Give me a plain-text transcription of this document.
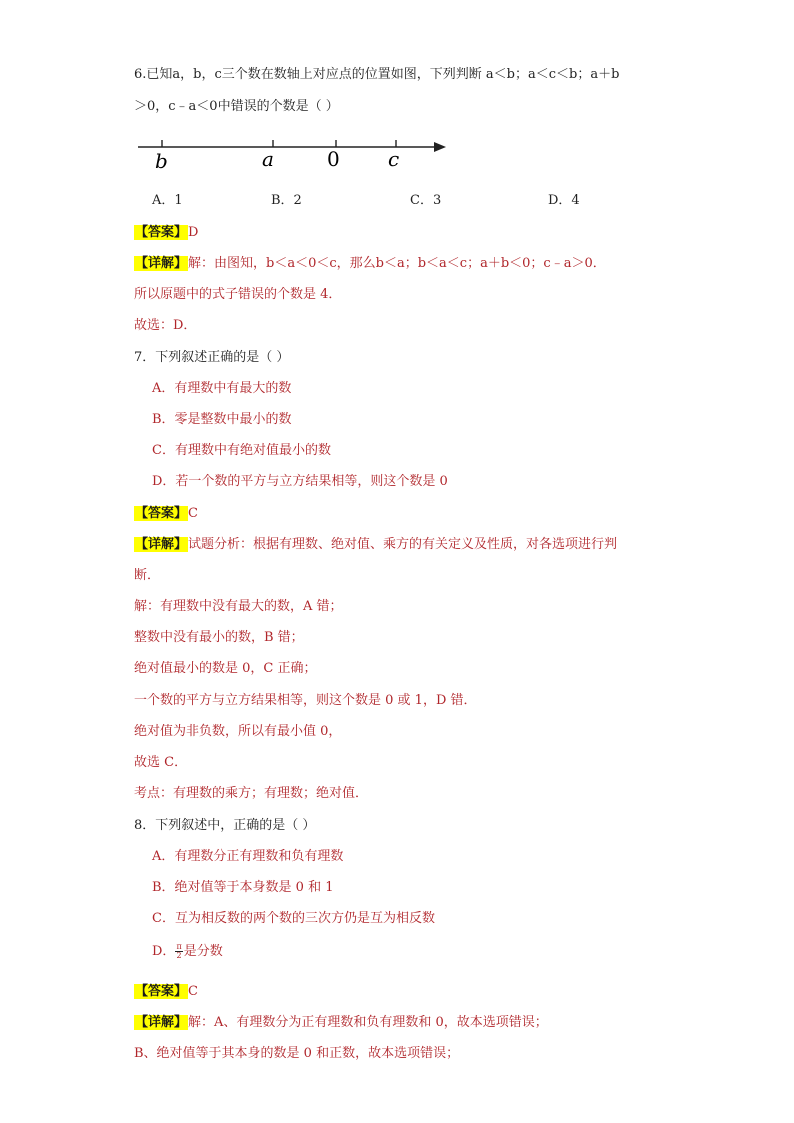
6.已知a，b，c三个数在数轴上对应点的位置如图，下列判断 a＜b；a＜c＜b；a＋b
＞0，c﹣a＜0中错误的个数是（ ）
b	a	0 c
A．1	B．2	C．3	D．4
【答案】D
【详解】解：由图知，b＜a＜0＜c，那么b＜a；b＜a＜c；a＋b＜0；c﹣a＞0．
所以原题中的式子错误的个数是 4．
故选：D．
7．下列叙述正确的是（ ）
A．有理数中有最大的数
B．零是整数中最小的数
C．有理数中有绝对值最小的数
D．若一个数的平方与立方结果相等，则这个数是 0
【答案】C
【详解】试题分析：根据有理数、绝对值、乘方的有关定义及性质，对各选项进行判
断．
解：有理数中没有最大的数，A 错；
整数中没有最小的数，B 错；
绝对值最小的数是 0，C 正确；
一个数的平方与立方结果相等，则这个数是 0 或 1，D 错．
绝对值为非负数，所以有最小值 0，
故选 C．
考点：有理数的乘方；有理数；绝对值．
8．下列叙述中，正确的是（ ）
A．有理数分正有理数和负有理数
B．绝对值等于本身数是 0 和 1
C．互为相反数的两个数的三次方仍是互为相反数
D． $\frac{\pi}{2}$ 是分数
【答案】C
【详解】解：A、有理数分为正有理数和负有理数和 0，故本选项错误；
B、绝对值等于其本身的数是 0 和正数，故本选项错误；
